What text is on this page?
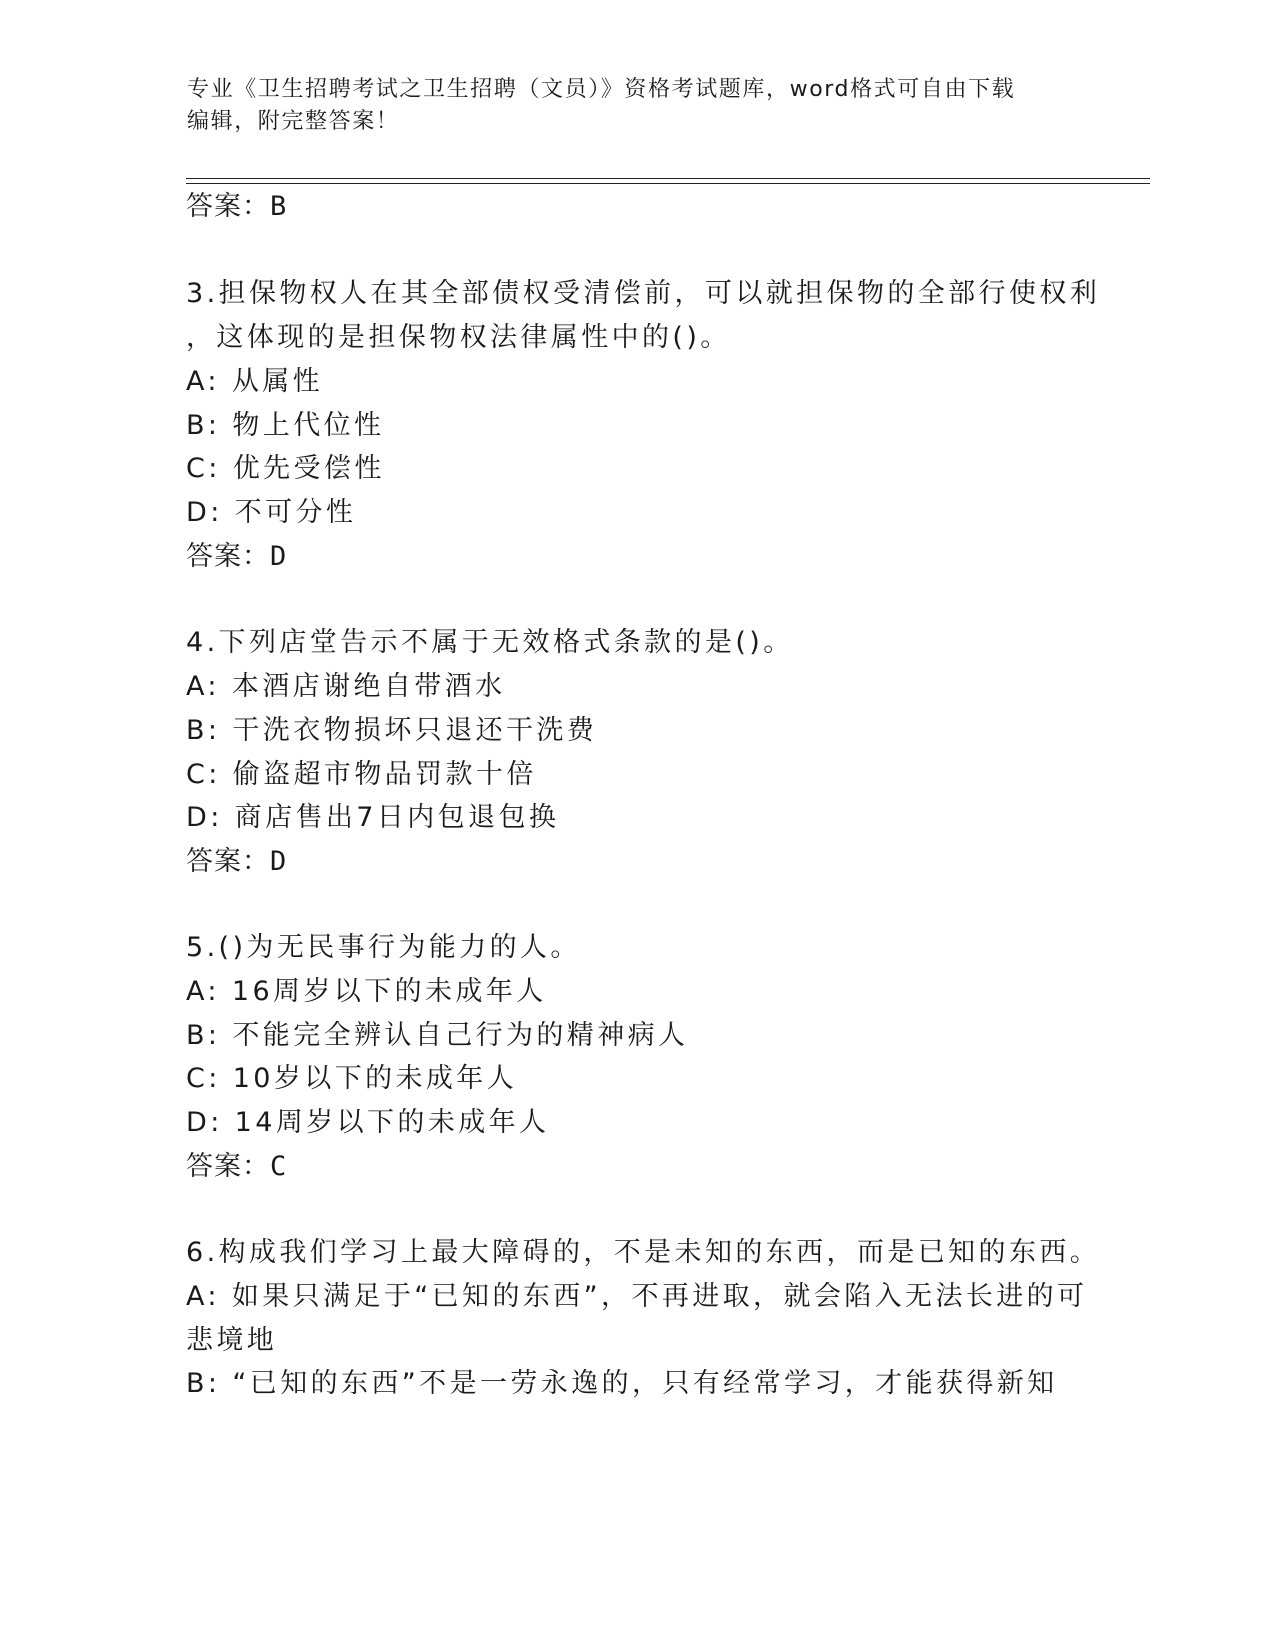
专业《卫生招聘考试之卫生招聘（文员）》资格考试题库，word格式可自由下载
编辑，附完整答案！
答案：B
3.担保物权人在其全部债权受清偿前，可以就担保物的全部行使权利
，这体现的是担保物权法律属性中的()。
A: 从属性
B: 物上代位性
C: 优先受偿性
D: 不可分性
答案：D
4.下列店堂告示不属于无效格式条款的是()。
A: 本酒店谢绝自带酒水
B: 干洗衣物损坏只退还干洗费
C: 偷盗超市物品罚款十倍
D: 商店售出7日内包退包换
答案：D
5.()为无民事行为能力的人。
A: 16周岁以下的未成年人
B: 不能完全辨认自己行为的精神病人
C: 10岁以下的未成年人
D: 14周岁以下的未成年人
答案：C
6.构成我们学习上最大障碍的，不是未知的东西，而是已知的东西。
A: 如果只满足于“已知的东西”，不再进取，就会陷入无法长进的可
悲境地
B: “已知的东西”不是一劳永逸的，只有经常学习，才能获得新知
